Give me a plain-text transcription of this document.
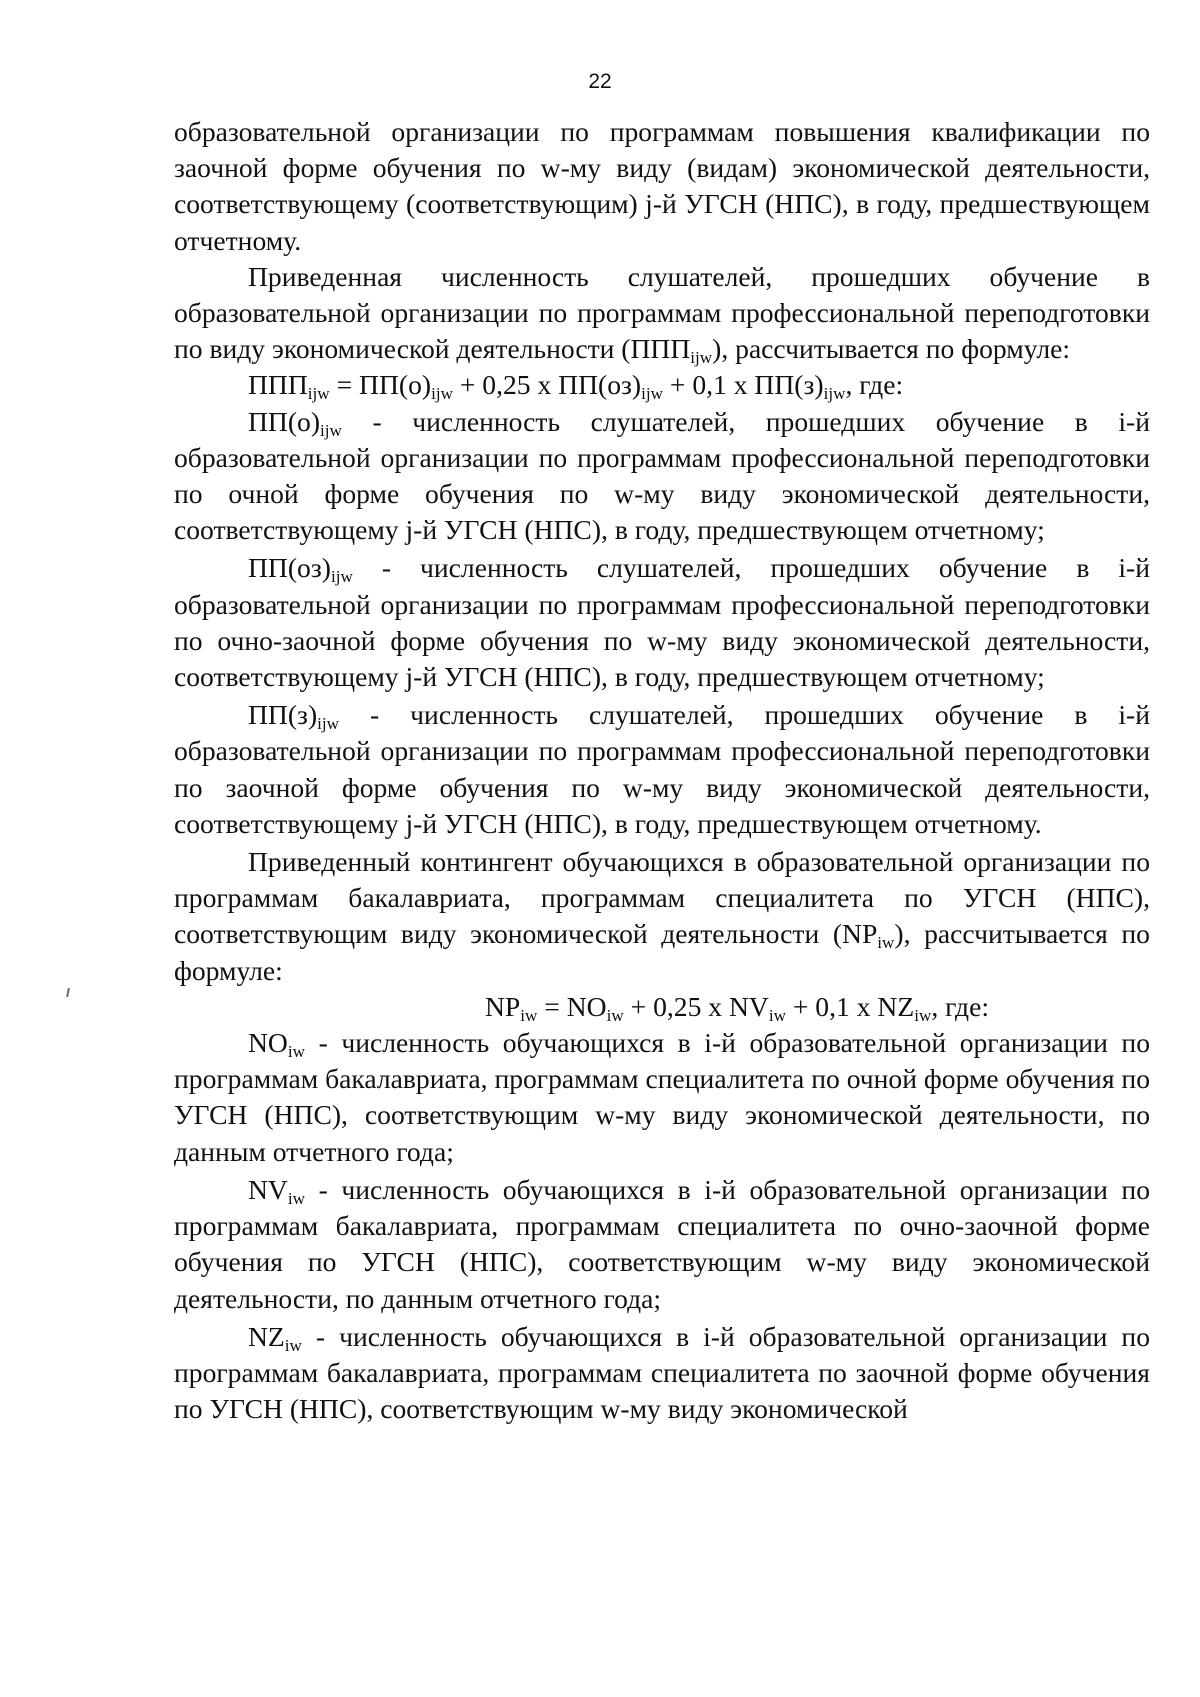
22

образовательной организации по программам повышения квалификации по заочной форме обучения по w-му виду (видам) экономической деятельности, соответствующему (соответствующим) j-й УГСН (НПС), в году, предшествующем отчетному.

Приведенная численность слушателей, прошедших обучение в образовательной организации по программам профессиональной переподготовки по виду экономической деятельности $(ППП_{ijw})$, рассчитывается по формуле:

$ППП_{ijw} = ПП(о)_{ijw} + 0,25$ x $ПП(оз)_{ijw} + 0,1$ x $ПП(з)_{ijw}$, где:

$ПП(о)_{ijw}$ - численность слушателей, прошедших обучение в i-й образовательной организации по программам профессиональной переподготовки по очной форме обучения по w-му виду экономической деятельности, соответствующему j-й УГСН (НПС), в году, предшествующем отчетному;

$ПП(оз)_{ijw}$ - численность слушателей, прошедших обучение в i-й образовательной организации по программам профессиональной переподготовки по очно-заочной форме обучения по w-му виду экономической деятельности, соответствующему j-й УГСН (НПС), в году, предшествующем отчетному;

$ПП(з)_{ijw}$ - численность слушателей, прошедших обучение в i-й образовательной организации по программам профессиональной переподготовки по заочной форме обучения по w-му виду экономической деятельности, соответствующему j-й УГСН (НПС), в году, предшествующем отчетному.

Приведенный контингент обучающихся в образовательной организации по программам бакалавриата, программам специалитета по УГСН (НПС), соответствующим виду экономической деятельности $(NP_{iw})$, рассчитывается по формуле:

$NP_{iw} = NO_{iw} + 0,25$ x $NV_{iw} + 0,1$ x $NZ_{iw}$, где:

$NO_{iw}$ - численность обучающихся в i-й образовательной организации по программам бакалавриата, программам специалитета по очной форме обучения по УГСН (НПС), соответствующим w-му виду экономической деятельности, по данным отчетного года;

$NV_{iw}$ - численность обучающихся в i-й образовательной организации по программам бакалавриата, программам специалитета по очно-заочной форме обучения по УГСН (НПС), соответствующим w-му виду экономической деятельности, по данным отчетного года;

$NZ_{iw}$ - численность обучающихся в i-й образовательной организации по программам бакалавриата, программам специалитета по заочной форме обучения по УГСН (НПС), соответствующим w-му виду экономической
